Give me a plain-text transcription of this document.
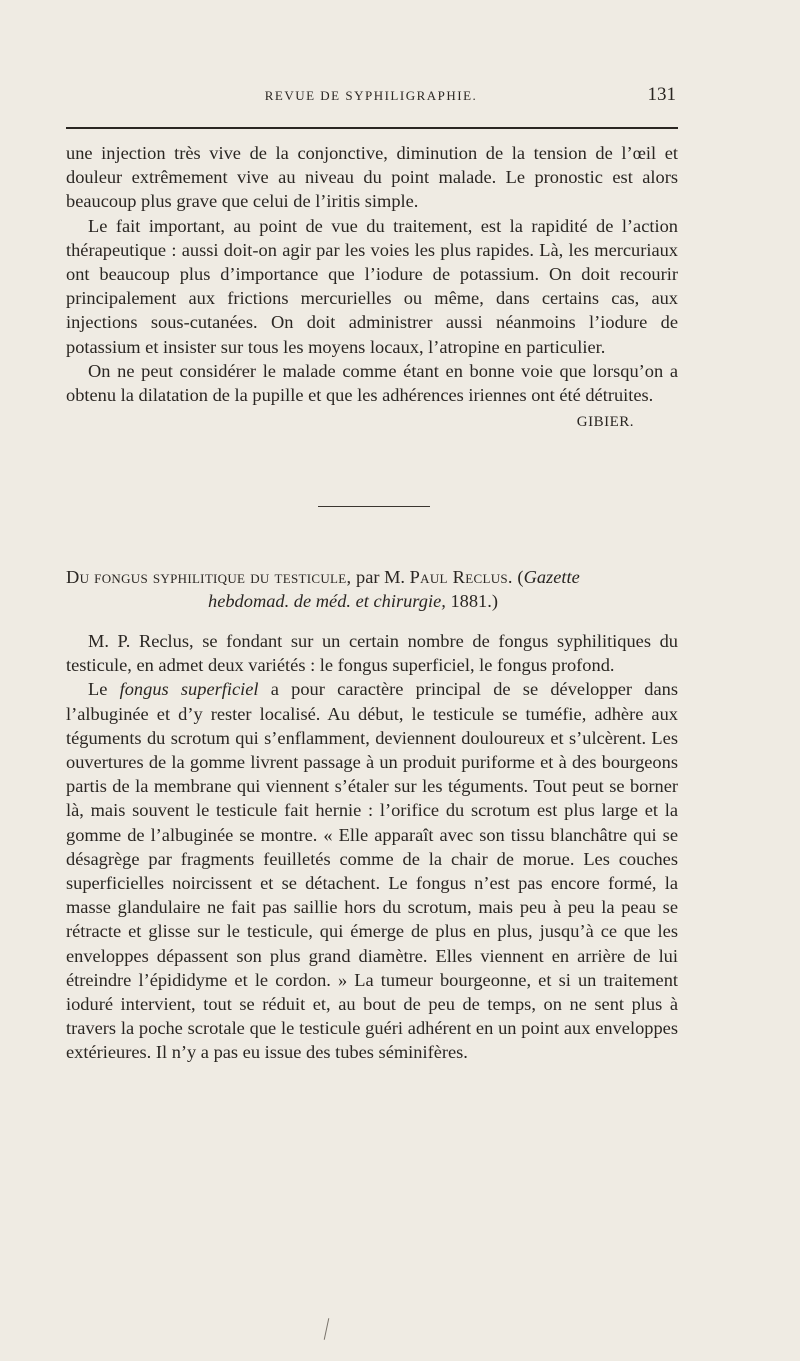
REVUE DE SYPHILIGRAPHIE.	131

une injection très vive de la conjonctive, diminution de la tension de l’œil et douleur extrêmement vive au niveau du point malade. Le pronostic est alors beaucoup plus grave que celui de l’iritis simple.

Le fait important, au point de vue du traitement, est la rapidité de l’action thérapeutique : aussi doit-on agir par les voies les plus rapides. Là, les mercuriaux ont beaucoup plus d’importance que l’iodure de potassium. On doit recourir principalement aux frictions mercurielles ou même, dans certains cas, aux injections sous-cutanées. On doit administrer aussi néanmoins l’iodure de potassium et insister sur tous les moyens locaux, l’atropine en particulier.

On ne peut considérer le malade comme étant en bonne voie que lorsqu’on a obtenu la dilatation de la pupille et que les adhérences iriennes ont été détruites.
GIBIER.

Du fongus syphilitique du testicule, par M. Paul Reclus. (Gazette
hebdomad. de méd. et chirurgie, 1881.)

M. P. Reclus, se fondant sur un certain nombre de fongus syphilitiques du testicule, en admet deux variétés : le fongus superficiel, le fongus profond.

Le fongus superficiel a pour caractère principal de se développer dans l’albuginée et d’y rester localisé. Au début, le testicule se tuméfie, adhère aux téguments du scrotum qui s’enflamment, deviennent douloureux et s’ulcèrent. Les ouvertures de la gomme livrent passage à un produit puriforme et à des bourgeons partis de la membrane qui viennent s’étaler sur les téguments. Tout peut se borner là, mais souvent le testicule fait hernie : l’orifice du scrotum est plus large et la gomme de l’albuginée se montre. « Elle apparaît avec son tissu blanchâtre qui se désagrège par fragments feuilletés comme de la chair de morue. Les couches superficielles noircissent et se détachent. Le fongus n’est pas encore formé, la masse glandulaire ne fait pas saillie hors du scrotum, mais peu à peu la peau se rétracte et glisse sur le testicule, qui émerge de plus en plus, jusqu’à ce que les enveloppes dépassent son plus grand diamètre. Elles viennent en arrière de lui étreindre l’épididyme et le cordon. » La tumeur bourgeonne, et si un traitement ioduré intervient, tout se réduit et, au bout de peu de temps, on ne sent plus à travers la poche scrotale que le testicule guéri adhérent en un point aux enveloppes extérieures. Il n’y a pas eu issue des tubes séminifères.
